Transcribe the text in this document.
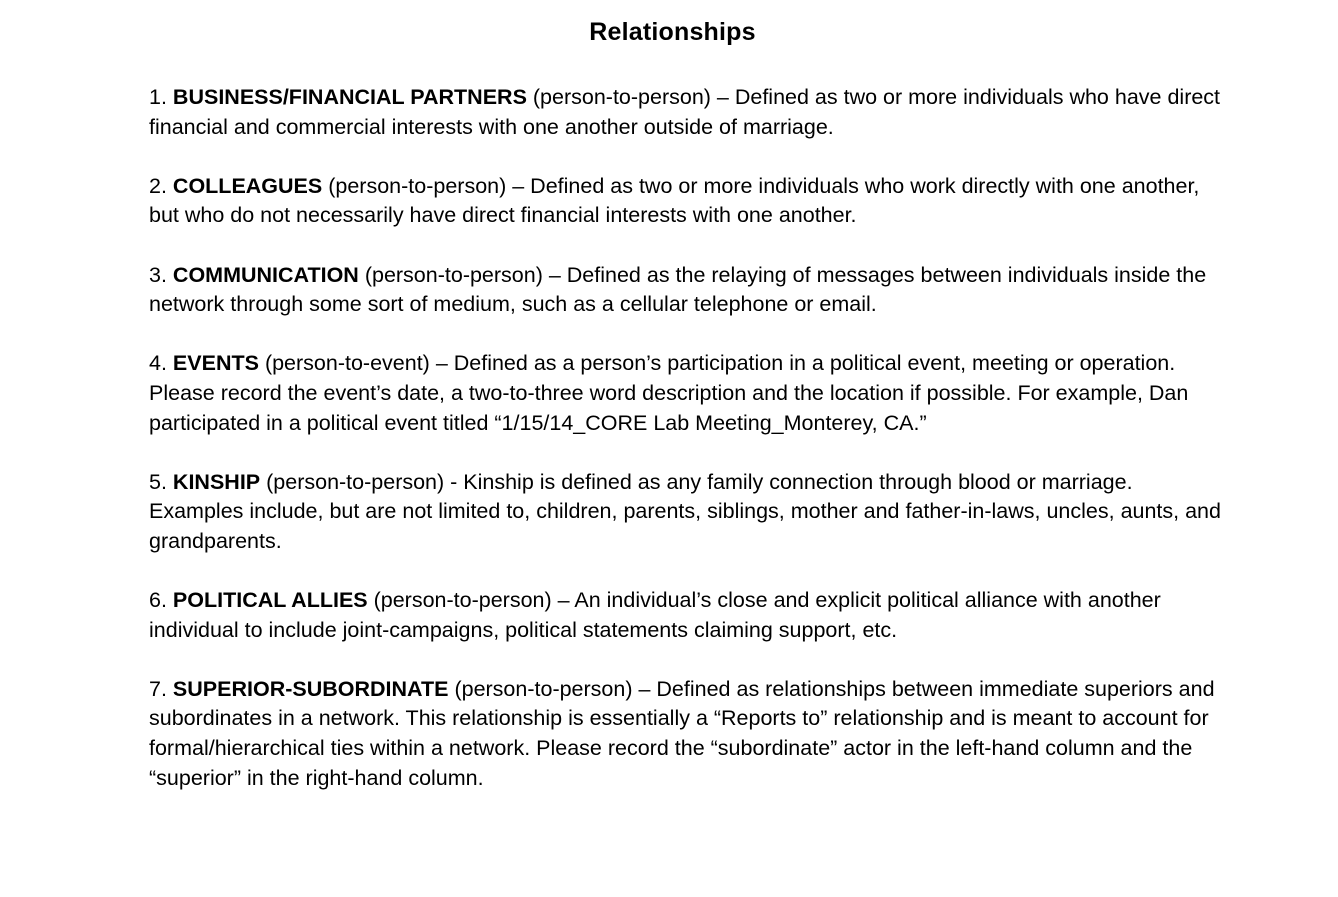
Relationships
1. BUSINESS/FINANCIAL PARTNERS (person-to-person) – Defined as two or more individuals who have direct financial and commercial interests with one another outside of marriage.
2. COLLEAGUES (person-to-person) – Defined as two or more individuals who work directly with one another, but who do not necessarily have direct financial interests with one another.
3. COMMUNICATION (person-to-person) – Defined as the relaying of messages between individuals inside the network through some sort of medium, such as a cellular telephone or email.
4. EVENTS (person-to-event) – Defined as a person’s participation in a political event, meeting or operation. Please record the event’s date, a two-to-three word description and the location if possible. For example, Dan participated in a political event titled “1/15/14_CORE Lab Meeting_Monterey, CA.”
5. KINSHIP (person-to-person) - Kinship is defined as any family connection through blood or marriage. Examples include, but are not limited to, children, parents, siblings, mother and father-in-laws, uncles, aunts, and grandparents.
6. POLITICAL ALLIES (person-to-person) – An individual’s close and explicit political alliance with another individual to include joint-campaigns, political statements claiming support, etc.
7. SUPERIOR-SUBORDINATE (person-to-person) – Defined as relationships between immediate superiors and subordinates in a network. This relationship is essentially a “Reports to” relationship and is meant to account for formal/hierarchical ties within a network. Please record the “subordinate” actor in the left-hand column and the “superior” in the right-hand column.
